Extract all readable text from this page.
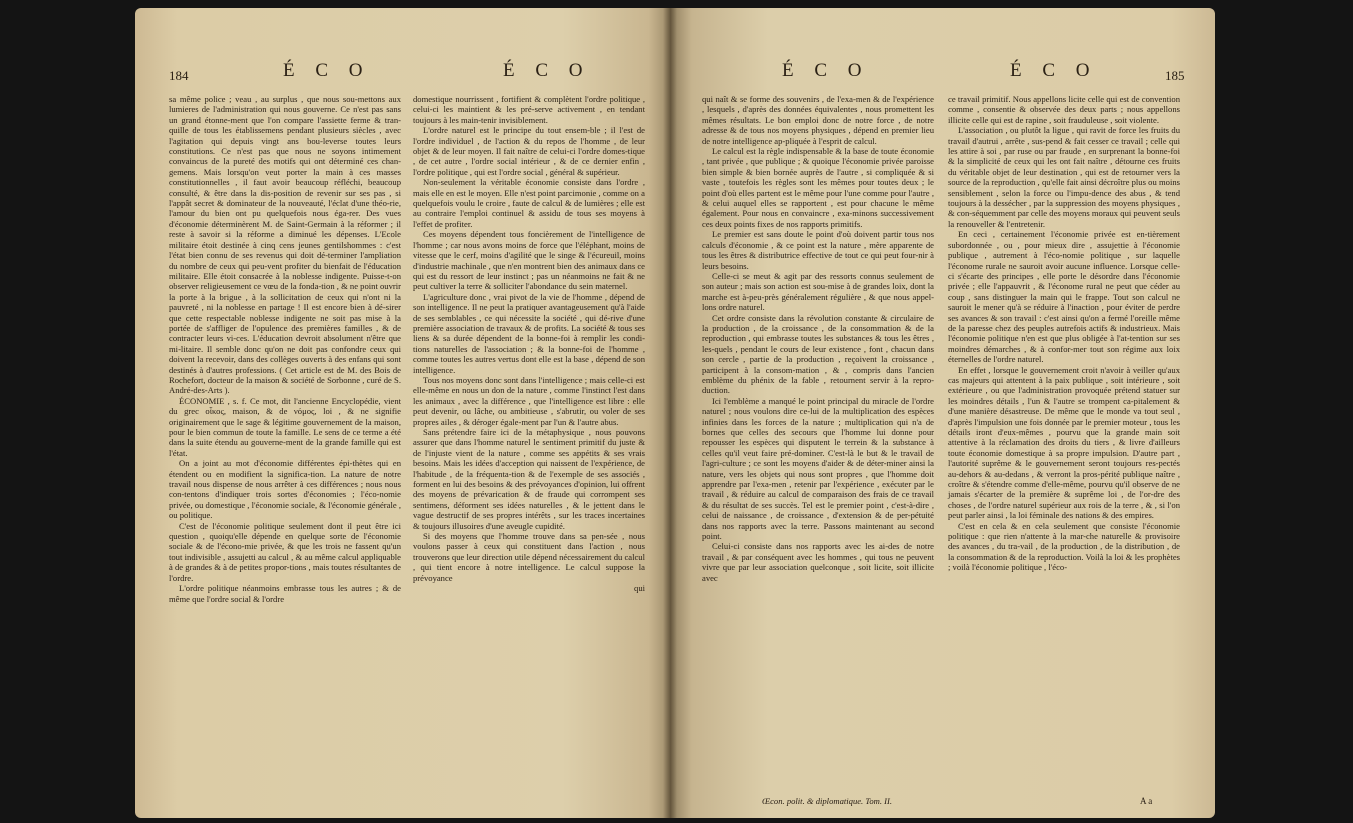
184	É C O	É C O

sa même police ; veau , au surplus , que nous sou-mettons aux lumieres de l'administration qui nous gouverne. Ce n'est pas sans un grand étonne-ment que l'on compare l'assiette ferme & tran-quille de tous les établissemens pendant plusieurs siècles , avec l'agitation qui depuis vingt ans bou-leverse toutes leurs constitutions. Ce n'est pas que nous ne soyons intimement convaincus de la pureté des motifs qui ont déterminé ces chan-gemens. Mais lorsqu'on veut porter la main à ces masses constitutionnelles , il faut avoir beaucoup réfléchi, beaucoup consulté, & être dans la dis-position de revenir sur ses pas , si l'appât secret & dominateur de la nouveauté, l'éclat d'une théo-rie, l'amour du bien ont pu quelquefois nous éga-rer. Des vues d'économie déterminèrent M. de Saint-Germain à la réformer ; il reste à savoir si la réforme a diminué les dépenses. L'Ecole militaire étoit destinée à cinq cens jeunes gentilshommes : c'est l'état bien connu de ses revenus qui doit dé-terminer l'ampliation du nombre de ceux qui peu-vent profiter du bienfait de l'éducation militaire. Elle étoit consacrée à la noblesse indigente. Puisse-t-on observer religieusement ce vœu de la fonda-tion , & ne point ouvrir la porte à la brigue , à la sollicitation de ceux qui n'ont ni la pauvreté , ni la noblesse en partage ! Il est encore bien à dé-sirer que cette respectable noblesse indigente ne soit pas mise à la portée de s'affliger de l'opulence des premières familles , & de contracter leurs vi-ces. L'éducation devroit absolument n'être que mi-litaire. Il semble donc qu'on ne doit pas confondre ceux qui doivent la recevoir, dans des collèges ouverts à des enfans qui sont destinés à d'autres professions. ( Cet article est de M. des Bois de Rochefort, docteur de la maison & société de Sorbonne , curé de S. André-des-Arts ).

ÉCONOMIE , s. f. Ce mot, dit l'ancienne Encyclopédie, vient du grec οἶκος, maison, & de νόμος, loi , & ne signifie originairement que le sage & légitime gouvernement de la maison, pour le bien commun de toute la famille. Le sens de ce terme a été dans la suite étendu au gouverne-ment de la grande famille qui est l'état.

On a joint au mot d'économie différentes épi-thètes qui en étendent ou en modifient la significa-tion. La nature de notre travail nous dispense de nous arrêter à ces différences ; nous nous con-tentons d'indiquer trois sortes d'économies ; l'éco-nomie privée, ou domestique , l'économie sociale, & l'économie générale , ou politique.

C'est de l'économie politique seulement dont il peut être ici question , quoiqu'elle dépende en quelque sorte de l'économie sociale & de l'écono-mie privée, & que les trois ne fassent qu'un tout indivisible , assujetti au calcul , & au même calcul appliquable à de grandes & à de petites propor-tions , mais toutes résultantes de l'ordre.

L'ordre politique néanmoins embrasse tous les autres ; & de même que l'ordre social & l'ordre

domestique nourrissent , fortifient & complètent l'ordre politique , celui-ci les maintient & les pré-serve activement , en tendant toujours à les main-tenir invisiblement.

L'ordre naturel est le principe du tout ensem-ble ; il l'est de l'ordre individuel , de l'action & du repos de l'homme , de leur objet & de leur moyen. Il fait naître de celui-ci l'ordre domes-tique , de cet autre , l'ordre social intérieur , & de ce dernier enfin , l'ordre politique , qui est l'ordre social , général & supérieur.

Non-seulement la véritable économie consiste dans l'ordre , mais elle en est le moyen. Elle n'est point parcimonie , comme on a quelquefois voulu le croire , faute de calcul & de lumières ; elle est au contraire l'emploi continuel & assidu de tous ses moyens à l'effet de profiter.

Ces moyens dépendent tous foncièrement de l'intelligence de l'homme ; car nous avons moins de force que l'éléphant, moins de vitesse que le cerf, moins d'agilité que le singe & l'écureuil, moins d'industrie machinale , que n'en montrent bien des animaux dans ce qui est du ressort de leur instinct ; pas un néanmoins ne fait & ne peut cultiver la terre & solliciter l'abondance du sein maternel.

L'agriculture donc , vrai pivot de la vie de l'homme , dépend de son intelligence. Il ne peut la pratiquer avantageusement qu'à l'aide de ses semblables , ce qui nécessite la société , qui dé-rive d'une première association de travaux & de profits. La société & tous ses liens & sa durée dépendent de la bonne-foi à remplir les condi-tions naturelles de l'association ; & la bonne-foi de l'homme , comme toutes les autres vertus dont elle est la base , dépend de son intelligence.

Tous nos moyens donc sont dans l'intelligence ; mais celle-ci est elle-même en nous un don de la nature , comme l'instinct l'est dans les animaux , avec la différence , que l'intelligence est libre : elle peut devenir, ou lâche, ou ambitieuse , s'abrutir, ou voler de ses propres ailes , & déroger égale-ment par l'un & l'autre abus.

Sans prétendre faire ici de la métaphysique , nous pouvons assurer que dans l'homme naturel le sentiment primitif du juste & de l'injuste vient de la nature , comme ses appétits & ses vrais besoins. Mais les idées d'acception qui naissent de l'expérience, de l'habitude , de la fréquenta-tion & de l'exemple de ses associés , forment en lui des besoins & des prévoyances d'opinion, lui offrent des moyens de prévarication & de fraude qui corrompent ses sentimens, déforment ses idées naturelles , & le jettent dans le vague destructif de ses propres intérêts , sur les traces incertaines & toujours illusoires d'une aveugle cupidité.

Si des moyens que l'homme trouve dans sa pen-sée , nous voulons passer à ceux qui constituent dans l'action , nous trouverons que leur direction utile dépend nécessairement du calcul , qui tient encore à notre intelligence. Le calcul suppose la prévoyance

qui

É C O	É C O	185

qui naît & se forme des souvenirs , de l'exa-men & de l'expérience , lesquels , d'après des données équivalentes , nous promettent les mêmes résultats. Le bon emploi donc de notre force , de notre adresse & de tous nos moyens physiques , dépend en premier lieu de notre intelligence ap-pliquée à l'esprit de calcul.

Le calcul est la règle indispensable & la base de toute économie , tant privée , que publique ; & quoique l'économie privée paroisse bien simple & bien bornée auprès de l'autre , si compliquée & si vaste , toutefois les règles sont les mêmes pour toutes deux ; le point d'où elles partent est le même pour l'une comme pour l'autre , & celui auquel elles se rapportent , est pour chacune le même également. Pour nous en convaincre , exa-minons successivement ces deux points fixes de nos rapports primitifs.

Le premier est sans doute le point d'où doivent partir tous nos calculs d'économie , & ce point est la nature , mère apparente de tous les êtres & distributrice effective de tout ce qui peut four-nir à leurs besoins.

Celle-ci se meut & agit par des ressorts connus seulement de son auteur ; mais son action est sou-mise à de grandes loix, dont la marche est à-peu-près généralement régulière , & que nous appel-lons ordre naturel.

Cet ordre consiste dans la révolution constante & circulaire de la production , de la croissance , de la consommation & de la reproduction , qui embrasse toutes les substances & tous les êtres , les-quels , pendant le cours de leur existence , font , chacun dans son cercle , partie de la production , reçoivent la croissance , participent à la consom-mation , & , compris dans l'ancien emblème du phénix de la fable , retournent servir à la repro-duction.

Ici l'emblème a manqué le point principal du miracle de l'ordre naturel ; nous voulons dire ce-lui de la multiplication des espèces infinies dans les forces de la nature ; multiplication qui n'a de bornes que celles des secours que l'homme lui donne pour repousser les espèces qui disputent le terrein & la substance à celles qu'il veut faire pré-dominer. C'est-là le but & le travail de l'agri-culture ; ce sont les moyens d'aider & de déter-miner ainsi la nature, vers les objets qui nous sont propres , que l'homme doit apprendre par l'exa-men , retenir par l'expérience , exécuter par le travail , & réduire au calcul de comparaison des frais de ce travail & du résultat de ses succès. Tel est le premier point , c'est-à-dire , celui de naissance , de croissance , d'extension & de per-pétuité dans nos rapports avec la terre. Passons maintenant au second point.

Celui-ci consiste dans nos rapports avec les ai-des de notre travail , & par conséquent avec les hommes , qui tous ne peuvent vivre que par leur association quelconque , soit licite, soit illicite avec

Œcon. polit. & diplomatique. Tom. II.

ce travail primitif. Nous appellons licite celle qui est de convention comme , consentie & observée des deux parts ; nous appellons illicite celle qui est de rapine , soit frauduleuse , soit violente.

L'association , ou plutôt la ligue , qui ravit de force les fruits du travail d'autrui , arrête , sus-pend & fait cesser ce travail ; celle qui les attire à soi , par ruse ou par fraude , en surprenant la bonne-foi & la simplicité de ceux qui les ont fait naître , détourne ces fruits du véritable objet de leur destination , qui est de retourner vers la source de la reproduction , qu'elle fait ainsi décroître plus ou moins sensiblement , selon la force ou l'impu-dence des abus , & tend toujours à la dessécher , par la suppression des moyens physiques , & con-séquemment par celle des moyens moraux qui peuvent seuls la renouveller & l'entretenir.

En ceci , certainement l'économie privée est en-tièrement subordonnée , ou , pour mieux dire , assujettie à l'économie publique , autrement à l'éco-nomie politique , sur laquelle l'économe rurale ne sauroit avoir aucune influence. Lorsque celle-ci s'écarte des principes , elle porte le désordre dans l'économie privée ; elle l'appauvrit , & l'économe rural ne peut que céder au coup , sans distinguer la main qui le frappe. Tout son calcul ne sauroit le mener qu'à se réduire à l'inaction , pour éviter de perdre ses avances & son travail : c'est ainsi qu'on a fermé l'oreille même de la paresse chez des peuples autrefois actifs & industrieux. Mais l'économie politique n'en est que plus obligée à l'at-tention sur ses moindres démarches , & à confor-mer tout son régime aux loix éternelles de l'ordre naturel.

En effet , lorsque le gouvernement croit n'avoir à veiller qu'aux cas majeurs qui attentent à la paix publique , soit intérieure , soit extérieure , ou que l'administration provoquée prétend statuer sur les moindres détails , l'un & l'autre se trompent ca-pitalement & d'une manière désastreuse. De même que le monde va tout seul , d'après l'impulsion une fois donnée par le premier moteur , tous les détails iront d'eux-mêmes , pourvu que la grande main soit attentive à la réclamation des droits du tiers , & livre d'ailleurs toute économie domestique à sa propre impulsion. D'autre part , l'autorité suprême & le gouvernement seront toujours res-pectés au-dehors & au-dedans , & verront la pros-périté publique naître , croître & s'étendre comme d'elle-même, pourvu qu'il observe de ne jamais s'écarter de la première & suprême loi , de l'or-dre des choses , de l'ordre naturel supérieur aux rois de la terre , & , si l'on peut parler ainsi , la loi féminale des nations & des empires.

C'est en cela & en cela seulement que consiste l'économie politique : que rien n'attente à la mar-che naturelle & provisoire des avances , du tra-vail , de la production , de la distribution , de la consommation & de la reproduction. Voilà la loi & les prophètes ; voilà l'économie politique , l'éco-

A a
